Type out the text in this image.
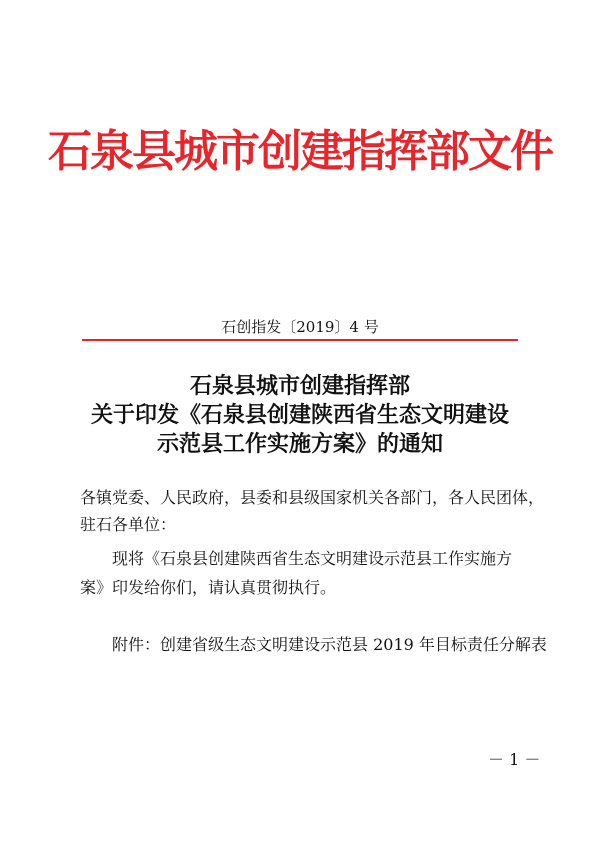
石泉县城市创建指挥部文件
石创指发〔2019〕4 号
石泉县城市创建指挥部
关于印发《石泉县创建陕西省生态文明建设
示范县工作实施方案》的通知
各镇党委、人民政府，县委和县级国家机关各部门，各人民团体，
驻石各单位：
现将《石泉县创建陕西省生态文明建设示范县工作实施方
案》印发给你们，请认真贯彻执行。
附件：创建省级生态文明建设示范县 2019 年目标责任分解表
－ 1 －
